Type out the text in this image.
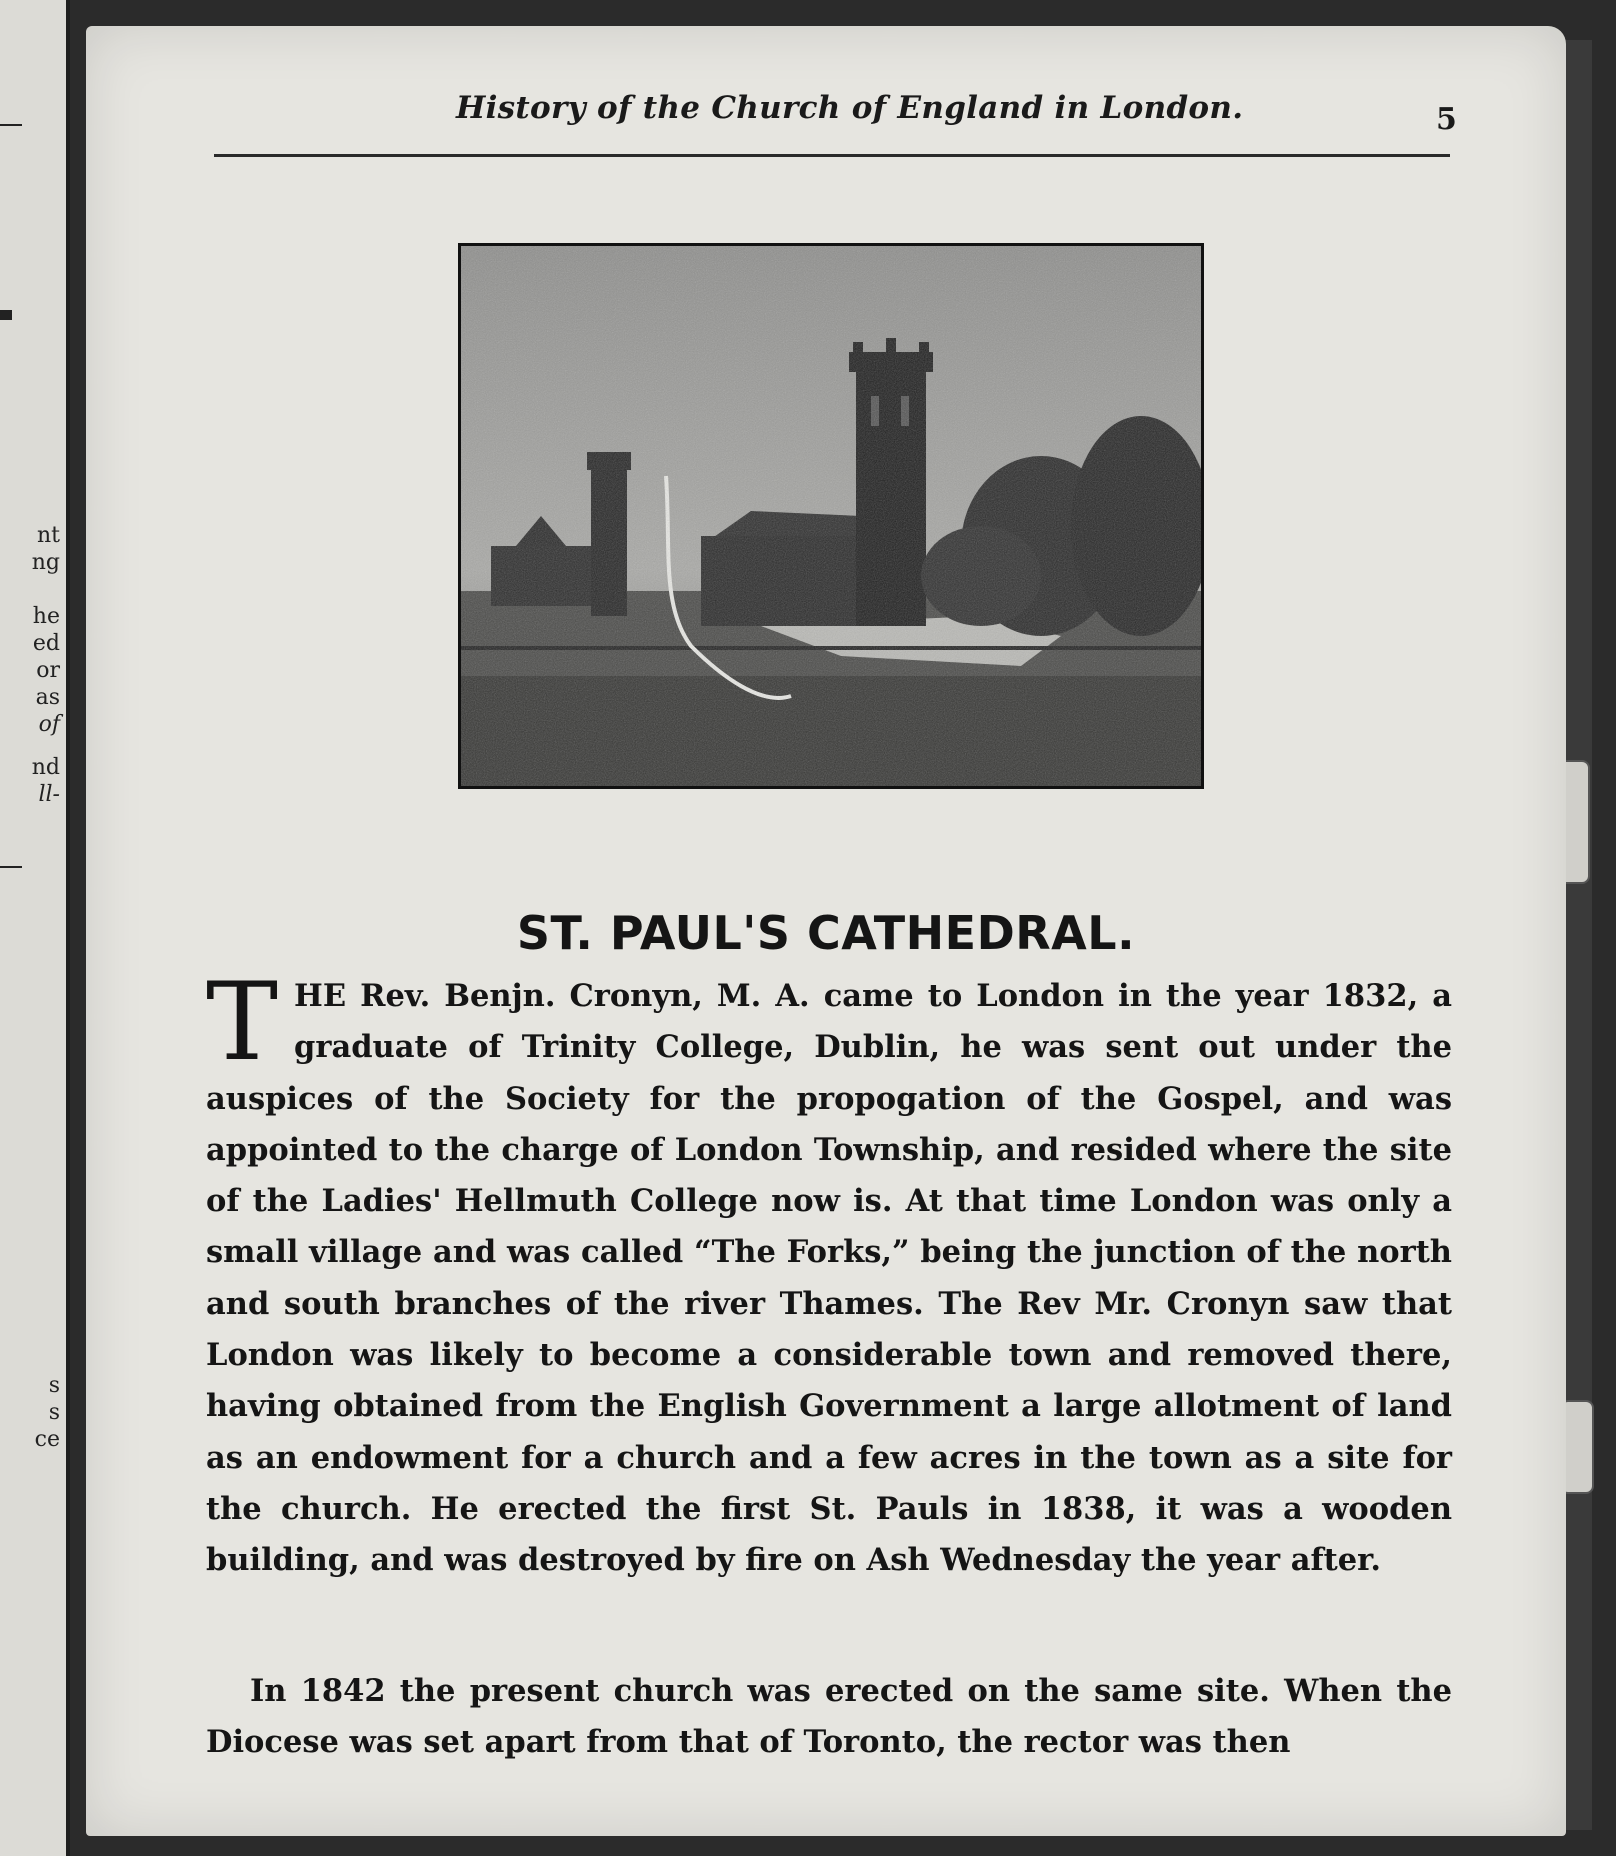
nt
ng
he
ed
or
as
of
nd
ll-
s
s
ce
History of the Church of England in London.	5
ST. PAUL'S CATHEDRAL.
THE Rev. Benjn. Cronyn, M. A. came to London in the year 1832, a graduate of Trinity College, Dublin, he was sent out under the auspices of the Society for the propogation of the Gospel, and was appointed to the charge of London Township, and resided where the site of the Ladies' Hellmuth College now is. At that time London was only a small village and was called “The Forks,” being the junction of the north and south branches of the river Thames. The Rev Mr. Cronyn saw that London was likely to become a considerable town and removed there, having obtained from the English Government a large allotment of land as an endowment for a church and a few acres in the town as a site for the church. He erected the first St. Pauls in 1838, it was a wooden building, and was destroyed by fire on Ash Wednesday the year after.
In 1842 the present church was erected on the same site. When the Diocese was set apart from that of Toronto, the rector was then
